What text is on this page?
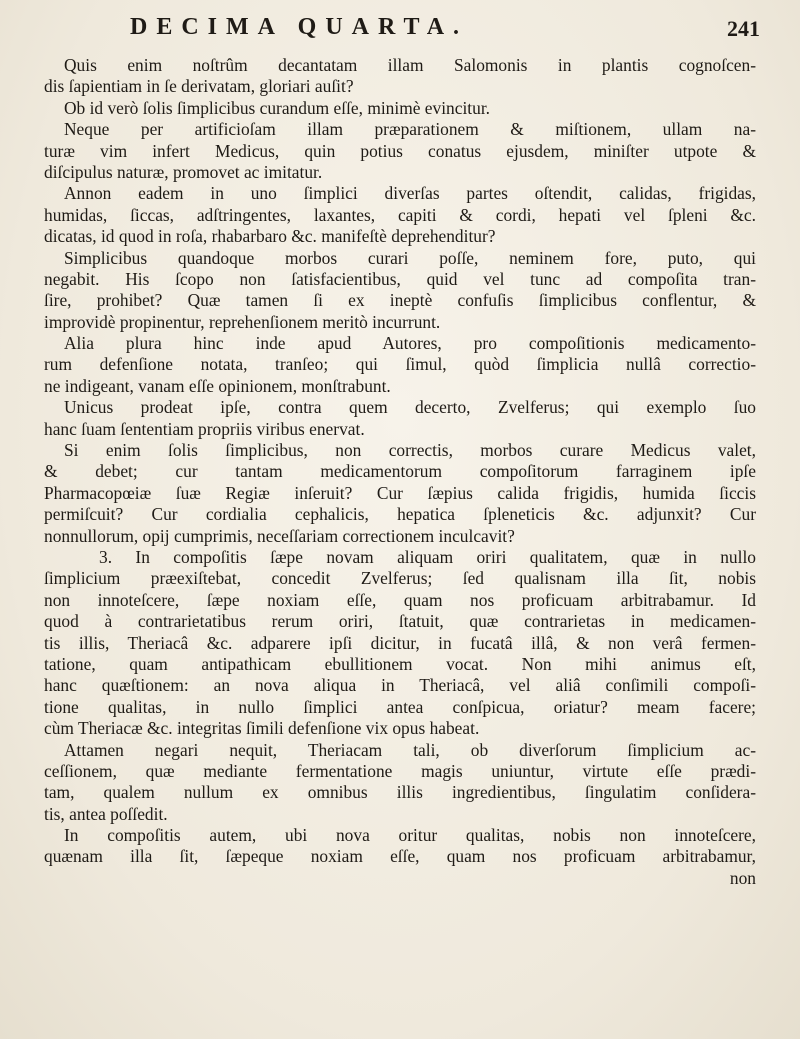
DECIMA QUARTA.	241
Quis enim noſtrûm decantatam illam Salomonis in plantis cognoſcen-
dis ſapientiam in ſe derivatam, gloriari auſit?
Ob id verò ſolis ſimplicibus curandum eſſe, minimè evincitur.
Neque per artificioſam illam præparationem & miſtionem, ullam na-
turæ vim infert Medicus, quin potius conatus ejusdem, miniſter utpote &
diſcipulus naturæ, promovet ac imitatur.
Annon eadem in uno ſimplici diverſas partes oſtendit, calidas, frigidas,
humidas, ſiccas, adſtringentes, laxantes, capiti & cordi, hepati vel ſpleni &c.
dicatas, id quod in roſa, rhabarbaro &c. manifeſtè deprehenditur?
Simplicibus quandoque morbos curari poſſe, neminem fore, puto, qui
negabit. His ſcopo non ſatisfacientibus, quid vel tunc ad compoſita tran-
ſire, prohibet? Quæ tamen ſi ex ineptè confuſis ſimplicibus conflentur, &
improvidè propinentur, reprehenſionem meritò incurrunt.
Alia plura hinc inde apud Autores, pro compoſitionis medicamento-
rum defenſione notata, tranſeo; qui ſimul, quòd ſimplicia nullâ correctio-
ne indigeant, vanam eſſe opinionem, monſtrabunt.
Unicus prodeat ipſe, contra quem decerto, Zvelferus; qui exemplo ſuo
hanc ſuam ſententiam propriis viribus enervat.
Si enim ſolis ſimplicibus, non correctis, morbos curare Medicus valet,
& debet; cur tantam medicamentorum compoſitorum farraginem ipſe
Pharmacopœiæ ſuæ Regiæ inſeruit? Cur ſæpius calida frigidis, humida ſiccis
permiſcuit? Cur cordialia cephalicis, hepatica ſpleneticis &c. adjunxit? Cur
nonnullorum, opij cumprimis, neceſſariam correctionem inculcavit?
3. In compoſitis ſæpe novam aliquam oriri qualitatem, quæ in nullo
ſimplicium præexiſtebat, concedit Zvelferus; ſed qualisnam illa ſit, nobis
non innoteſcere, ſæpe noxiam eſſe, quam nos proficuam arbitrabamur. Id
quod à contrarietatibus rerum oriri, ſtatuit, quæ contrarietas in medicamen-
tis illis, Theriacâ &c. adparere ipſi dicitur, in fucatâ illâ, & non verâ fermen-
tatione, quam antipathicam ebullitionem vocat. Non mihi animus eſt,
hanc quæſtionem: an nova aliqua in Theriacâ, vel aliâ conſimili compoſi-
tione qualitas, in nullo ſimplici antea conſpicua, oriatur? meam facere;
cùm Theriacæ &c. integritas ſimili defenſione vix opus habeat.
Attamen negari nequit, Theriacam tali, ob diverſorum ſimplicium ac-
ceſſionem, quæ mediante fermentatione magis uniuntur, virtute eſſe prædi-
tam, qualem nullum ex omnibus illis ingredientibus, ſingulatim conſidera-
tis, antea poſſedit.
In compoſitis autem, ubi nova oritur qualitas, nobis non innoteſcere,
quænam illa ſit, ſæpeque noxiam eſſe, quam nos proficuam arbitrabamur,
non
